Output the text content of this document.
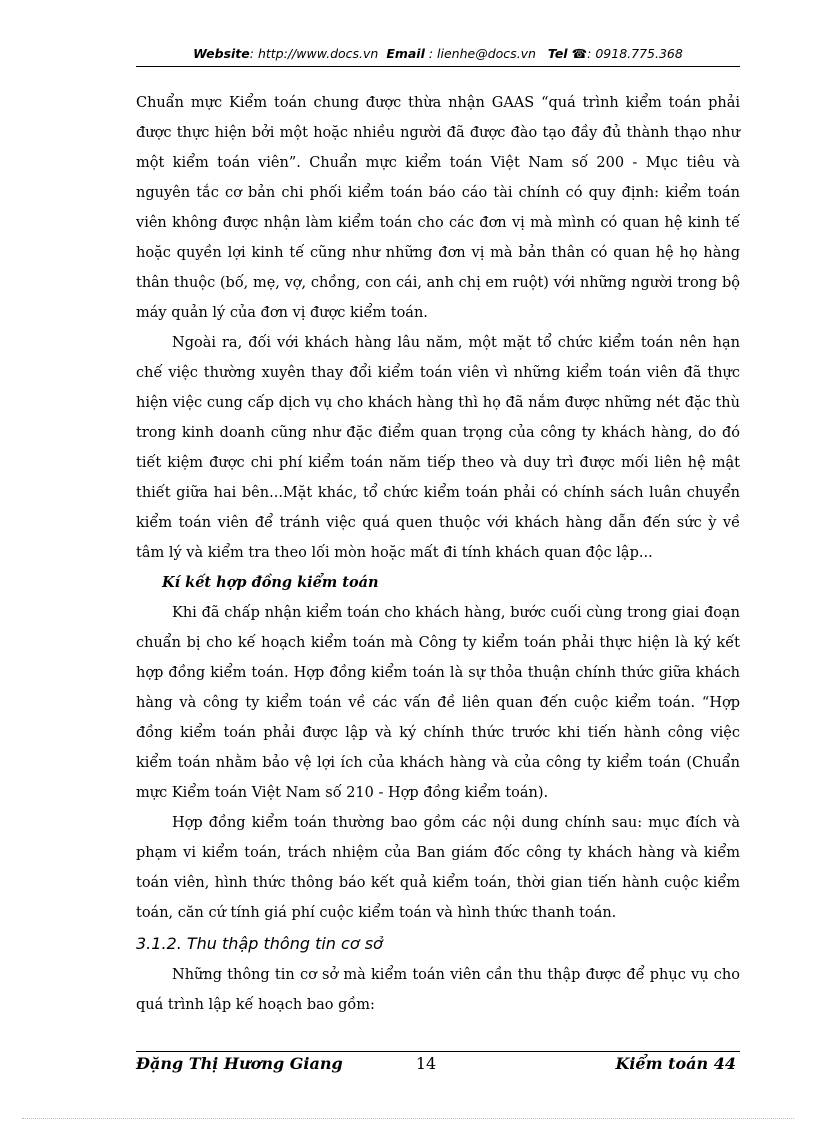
Website: http://www.docs.vn Email : lienhe@docs.vn Tel ☎: 0918.775.368

Chuẩn mực Kiểm toán chung được thừa nhận GAAS “quá trình kiểm toán phải được thực hiện bởi một hoặc nhiều người đã được đào tạo đầy đủ thành thạo như một kiểm toán viên”. Chuẩn mực kiểm toán Việt Nam số 200 - Mục tiêu và nguyên tắc cơ bản chi phối kiểm toán báo cáo tài chính có quy định: kiểm toán viên không được nhận làm kiểm toán cho các đơn vị mà mình có quan hệ kinh tế hoặc quyền lợi kinh tế cũng như những đơn vị mà bản thân có quan hệ họ hàng thân thuộc (bố, mẹ, vợ, chồng, con cái, anh chị em ruột) với những người trong bộ máy quản lý của đơn vị được kiểm toán.

Ngoài ra, đối với khách hàng lâu năm, một mặt tổ chức kiểm toán nên hạn chế việc thường xuyên thay đổi kiểm toán viên vì những kiểm toán viên đã thực hiện việc cung cấp dịch vụ cho khách hàng thì họ đã nắm được những nét đặc thù trong kinh doanh cũng như đặc điểm quan trọng của công ty khách hàng, do đó tiết kiệm được chi phí kiểm toán năm tiếp theo và duy trì được mối liên hệ mật thiết giữa hai bên...Mặt khác, tổ chức kiểm toán phải có chính sách luân chuyển kiểm toán viên để tránh việc quá quen thuộc với khách hàng dẫn đến sức ỳ về tâm lý và kiểm tra theo lối mòn hoặc mất đi tính khách quan độc lập...

Kí kết hợp đồng kiểm toán

Khi đã chấp nhận kiểm toán cho khách hàng, bước cuối cùng trong giai đoạn chuẩn bị cho kế hoạch kiểm toán mà Công ty kiểm toán phải thực hiện là ký kết hợp đồng kiểm toán. Hợp đồng kiểm toán là sự thỏa thuận chính thức giữa khách hàng và công ty kiểm toán về các vấn đề liên quan đến cuộc kiểm toán. “Hợp đồng kiểm toán phải được lập và ký chính thức trước khi tiến hành công việc kiểm toán nhằm bảo vệ lợi ích của khách hàng và của công ty kiểm toán (Chuẩn mực Kiểm toán Việt Nam số 210 - Hợp đồng kiểm toán).

Hợp đồng kiểm toán thường bao gồm các nội dung chính sau: mục đích và phạm vi kiểm toán, trách nhiệm của Ban giám đốc công ty khách hàng và kiểm toán viên, hình thức thông báo kết quả kiểm toán, thời gian tiến hành cuộc kiểm toán, căn cứ tính giá phí cuộc kiểm toán và hình thức thanh toán.

3.1.2. Thu thập thông tin cơ sở

Những thông tin cơ sở mà kiểm toán viên cần thu thập được để phục vụ cho quá trình lập kế hoạch bao gồm:

Đặng Thị Hương Giang	14	Kiểm toán 44
